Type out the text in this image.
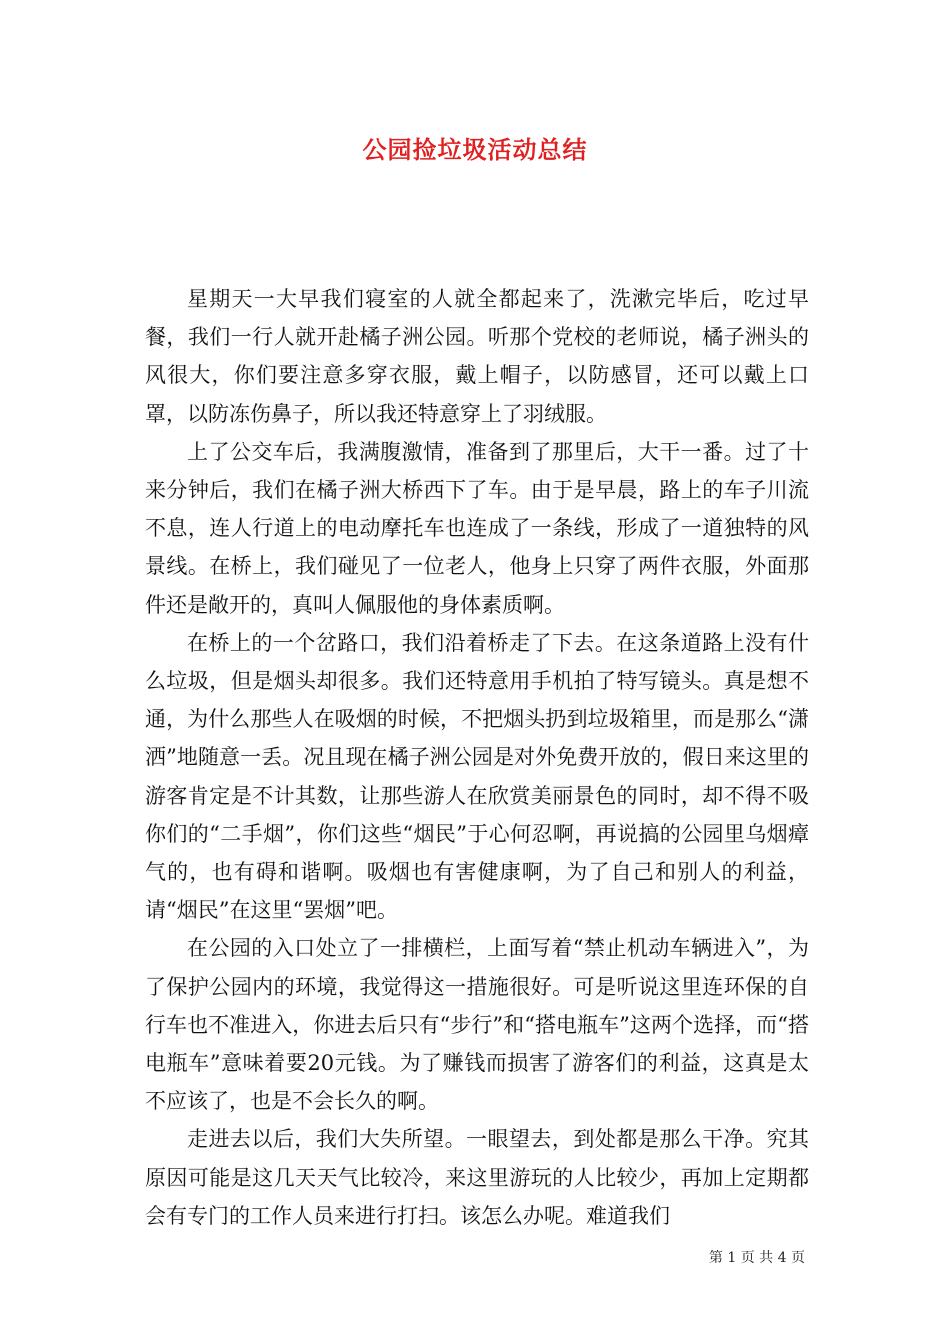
公园捡垃圾活动总结

星期天一大早我们寝室的人就全都起来了，洗漱完毕后，吃过早餐，我们一行人就开赴橘子洲公园。听那个党校的老师说，橘子洲头的风很大，你们要注意多穿衣服，戴上帽子，以防感冒，还可以戴上口罩，以防冻伤鼻子，所以我还特意穿上了羽绒服。

上了公交车后，我满腹激情，准备到了那里后，大干一番。过了十来分钟后，我们在橘子洲大桥西下了车。由于是早晨，路上的车子川流不息，连人行道上的电动摩托车也连成了一条线，形成了一道独特的风景线。在桥上，我们碰见了一位老人，他身上只穿了两件衣服，外面那件还是敞开的，真叫人佩服他的身体素质啊。

在桥上的一个岔路口，我们沿着桥走了下去。在这条道路上没有什么垃圾，但是烟头却很多。我们还特意用手机拍了特写镜头。真是想不通，为什么那些人在吸烟的时候，不把烟头扔到垃圾箱里，而是那么“潇洒”地随意一丢。况且现在橘子洲公园是对外免费开放的，假日来这里的游客肯定是不计其数，让那些游人在欣赏美丽景色的同时，却不得不吸你们的“二手烟”，你们这些“烟民”于心何忍啊，再说搞的公园里乌烟瘴气的，也有碍和谐啊。吸烟也有害健康啊，为了自己和别人的利益，请“烟民”在这里“罢烟”吧。

在公园的入口处立了一排横栏，上面写着“禁止机动车辆进入”，为了保护公园内的环境，我觉得这一措施很好。可是听说这里连环保的自行车也不准进入，你进去后只有“步行”和“搭电瓶车”这两个选择，而“搭电瓶车”意味着要20元钱。为了赚钱而损害了游客们的利益，这真是太不应该了，也是不会长久的啊。

走进去以后，我们大失所望。一眼望去，到处都是那么干净。究其原因可能是这几天天气比较冷，来这里游玩的人比较少，再加上定期都会有专门的工作人员来进行打扫。该怎么办呢。难道我们

第 1 页 共 4 页
